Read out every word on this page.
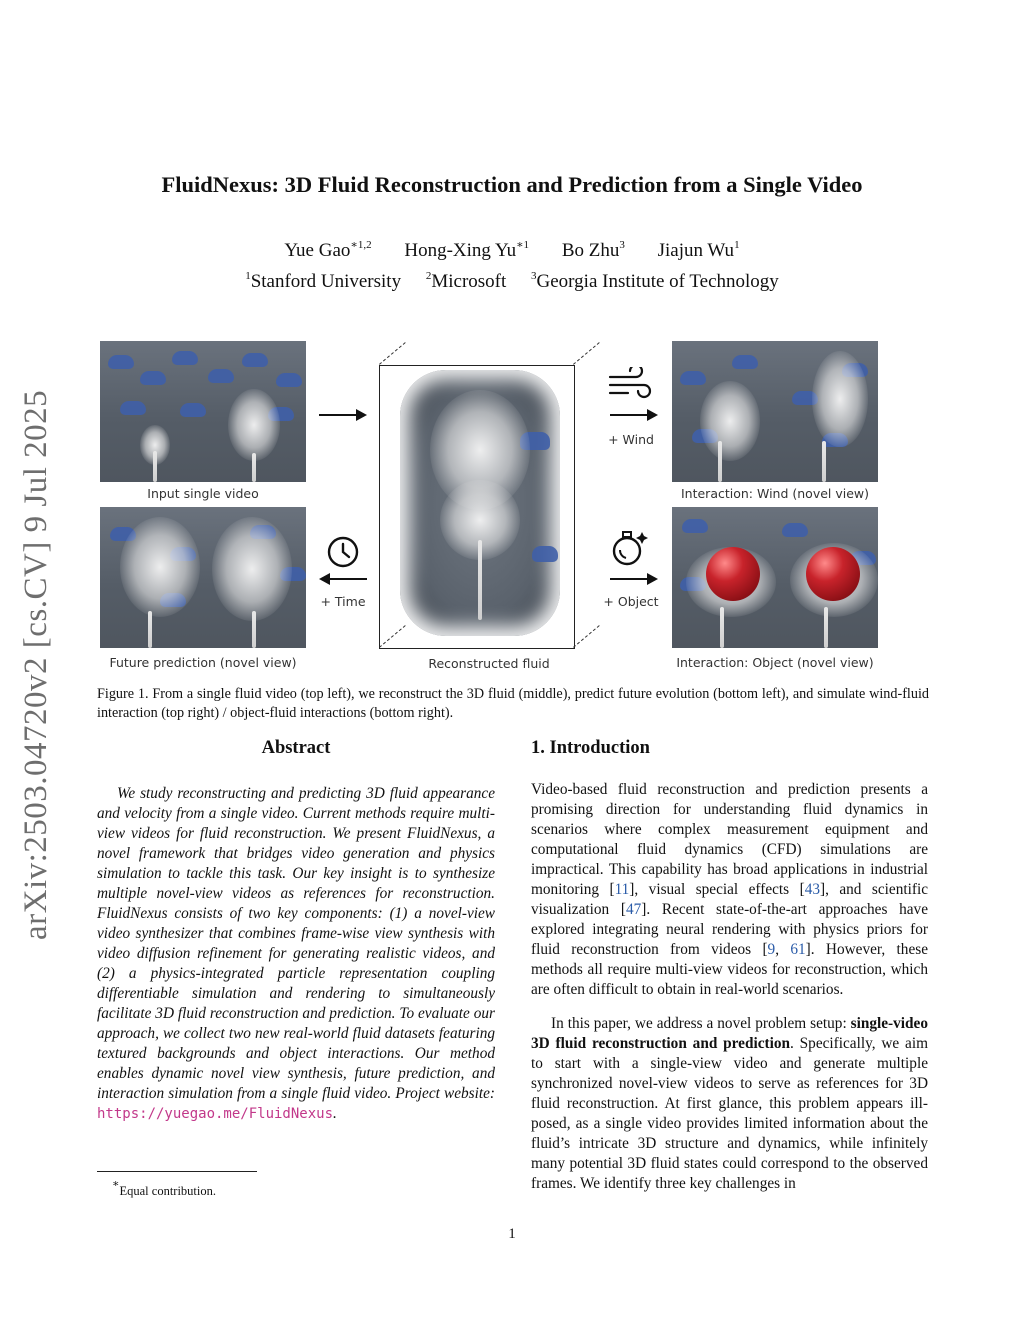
arXiv:2503.04720v2 [cs.CV] 9 Jul 2025
FluidNexus: 3D Fluid Reconstruction and Prediction from a Single Video
Yue Gao$^{∗1,2}$ Hong-Xing $Yu^{∗1}$ Bo Zhu$^3$ Jiajun Wu$^1$
$^1$Stanford University $^2$Microsoft $^3$Georgia Institute of Technology
Input single video
Future prediction (novel view)
+ Time
Reconstructed fluid
+ Wind
+ Object
Interaction: Wind (novel view)
Interaction: Object (novel view)
Figure 1. From a single fluid video (top left), we reconstruct the 3D fluid (middle), predict future evolution (bottom left), and simulate wind-fluid interaction (top right) / object-fluid interactions (bottom right).
Abstract
We study reconstructing and predicting 3D fluid appearance and velocity from a single video. Current methods require multi-view videos for fluid reconstruction. We present FluidNexus, a novel framework that bridges video generation and physics simulation to tackle this task. Our key insight is to synthesize multiple novel-view videos as references for reconstruction. FluidNexus consists of two key components: (1) a novel-view video synthesizer that combines frame-wise view synthesis with video diffusion refinement for generating realistic videos, and (2) a physics-integrated particle representation coupling differentiable simulation and rendering to simultaneously facilitate 3D fluid reconstruction and prediction. To evaluate our approach, we collect two new real-world fluid datasets featuring textured backgrounds and object interactions. Our method enables dynamic novel view synthesis, future prediction, and interaction simulation from a single fluid video. Project website: https://yuegao.me/FluidNexus.
1. Introduction
Video-based fluid reconstruction and prediction presents a promising direction for understanding fluid dynamics in scenarios where complex measurement equipment and computational fluid dynamics (CFD) simulations are impractical. This capability has broad applications in industrial monitoring [11], visual special effects [43], and scientific visualization [47]. Recent state-of-the-art approaches have explored integrating neural rendering with physics priors for fluid reconstruction from videos [9, 61]. However, these methods all require multi-view videos for reconstruction, which are often difficult to obtain in real-world scenarios.
In this paper, we address a novel problem setup: single-video 3D fluid reconstruction and prediction. Specifically, we aim to start with a single-view video and generate multiple synchronized novel-view videos to serve as references for 3D fluid reconstruction. At first glance, this problem appears ill-posed, as a single video provides limited information about the fluid’s intricate 3D structure and dynamics, while infinitely many potential 3D fluid states could correspond to the observed frames. We identify three key challenges in
∗Equal contribution.
1
